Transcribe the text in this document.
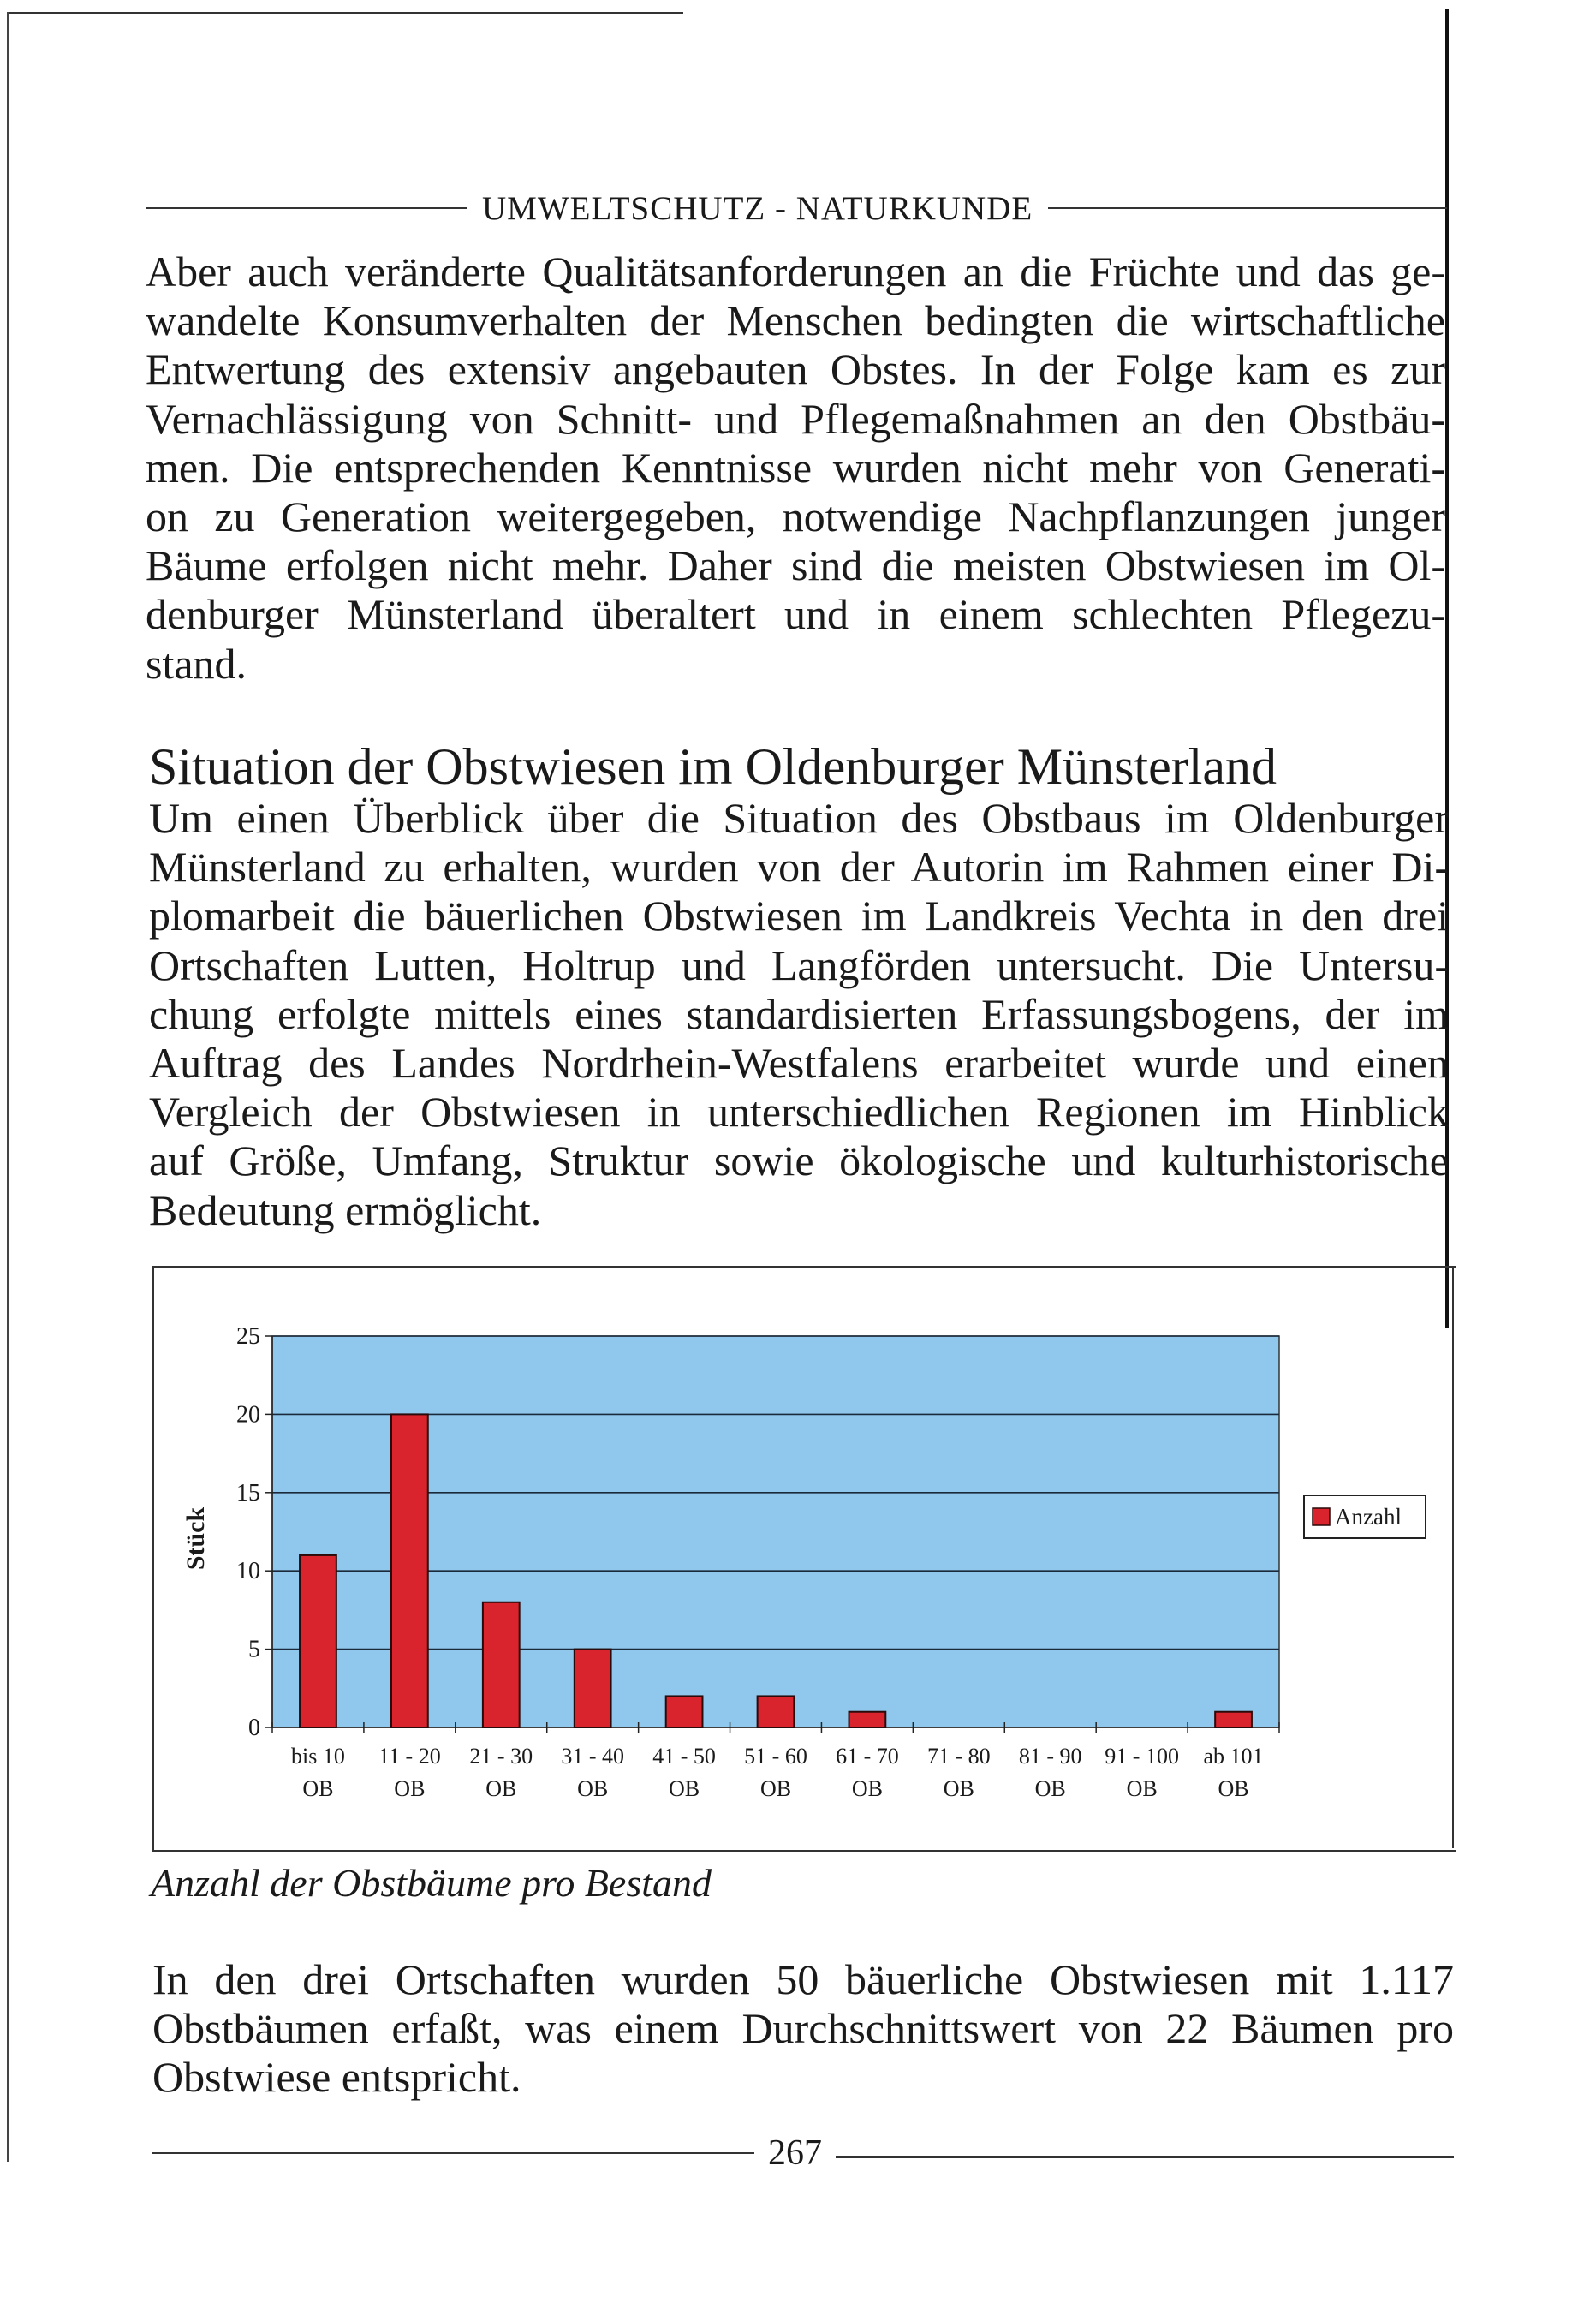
UMWELTSCHUTZ - NATURKUNDE

Aber auch veränderte Qualitätsanforderungen an die Früchte und das ge-
wandelte Konsumverhalten der Menschen bedingten die wirtschaftliche
Entwertung des extensiv angebauten Obstes. In der Folge kam es zur
Vernachlässigung von Schnitt- und Pflegemaßnahmen an den Obstbäu-
men. Die entsprechenden Kenntnisse wurden nicht mehr von Generati-
on zu Generation weitergegeben, notwendige Nachpflanzungen junger
Bäume erfolgen nicht mehr. Daher sind die meisten Obstwiesen im Ol-
denburger Münsterland überaltert und in einem schlechten Pflegezu-
stand.

Situation der Obstwiesen im Oldenburger Münsterland

Um einen Überblick über die Situation des Obstbaus im Oldenburger
Münsterland zu erhalten, wurden von der Autorin im Rahmen einer Di-
plomarbeit die bäuerlichen Obstwiesen im Landkreis Vechta in den drei
Ortschaften Lutten, Holtrup und Langförden untersucht. Die Untersu-
chung erfolgte mittels eines standardisierten Erfassungsbogens, der im
Auftrag des Landes Nordrhein-Westfalens erarbeitet wurde und einen
Vergleich der Obstwiesen in unterschiedlichen Regionen im Hinblick
auf Größe, Umfang, Struktur sowie ökologische und kulturhistorische
Bedeutung ermöglicht.

0
5
10
15
20
25
bis 10
OB
11 - 20
OB
21 - 30
OB
31 - 40
OB
41 - 50
OB
51 - 60
OB
61 - 70
OB
71 - 80
OB
81 - 90
OB
91 - 100
OB
ab 101
OB
Stück	Anzahl

Anzahl der Obstbäume pro Bestand

In den drei Ortschaften wurden 50 bäuerliche Obstwiesen mit 1.117
Obstbäumen erfaßt, was einem Durchschnittswert von 22 Bäumen pro
Obstwiese entspricht.

267
